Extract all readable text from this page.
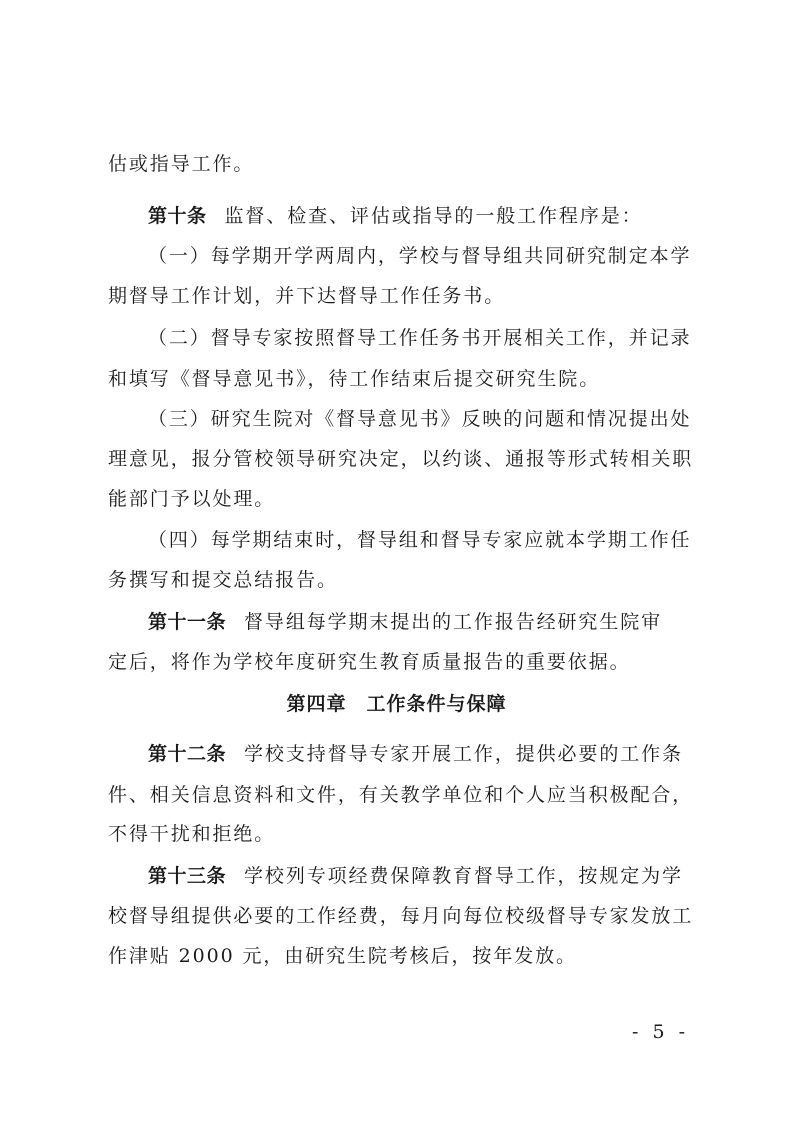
估或指导工作。
第十条 监督、检查、评估或指导的一般工作程序是：
（一）每学期开学两周内，学校与督导组共同研究制定本学
期督导工作计划，并下达督导工作任务书。
（二）督导专家按照督导工作任务书开展相关工作，并记录
和填写《督导意见书》，待工作结束后提交研究生院。
（三）研究生院对《督导意见书》反映的问题和情况提出处
理意见，报分管校领导研究决定，以约谈、通报等形式转相关职
能部门予以处理。
（四）每学期结束时，督导组和督导专家应就本学期工作任
务撰写和提交总结报告。
第十一条 督导组每学期末提出的工作报告经研究生院审
定后，将作为学校年度研究生教育质量报告的重要依据。
第四章 工作条件与保障
第十二条 学校支持督导专家开展工作，提供必要的工作条
件、相关信息资料和文件，有关教学单位和个人应当积极配合，
不得干扰和拒绝。
第十三条 学校列专项经费保障教育督导工作，按规定为学
校督导组提供必要的工作经费，每月向每位校级督导专家发放工
作津贴 2000 元，由研究生院考核后，按年发放。
- 5 -
